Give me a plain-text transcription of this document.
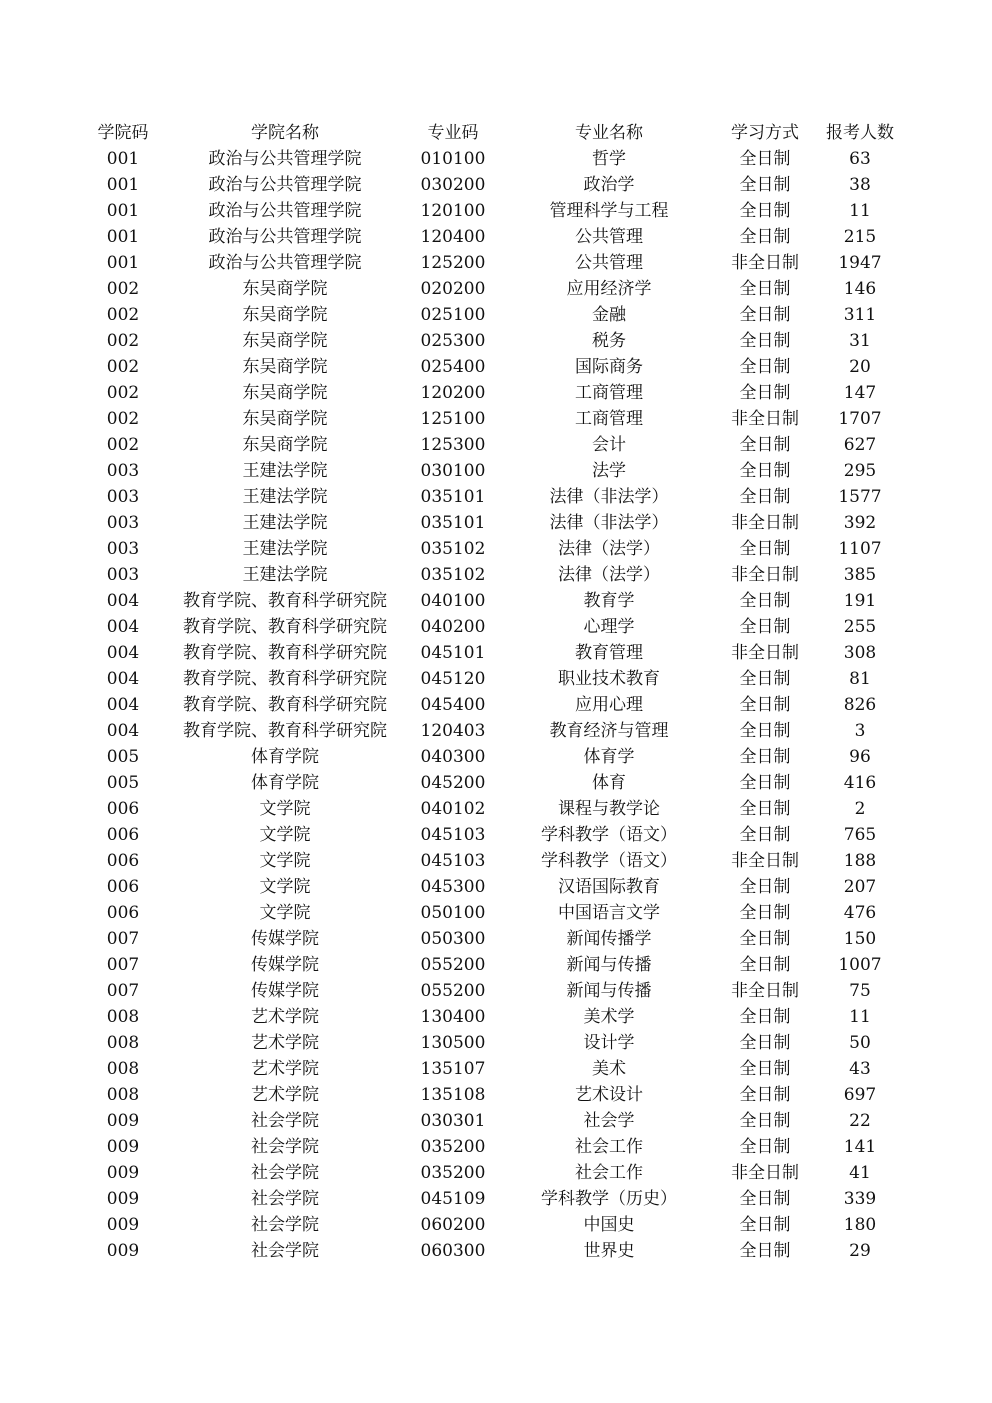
学院码	学院名称	专业码	专业名称	学习方式	报考人数
001	政治与公共管理学院	010100	哲学	全日制	63
001	政治与公共管理学院	030200	政治学	全日制	38
001	政治与公共管理学院	120100	管理科学与工程	全日制	11
001	政治与公共管理学院	120400	公共管理	全日制	215
001	政治与公共管理学院	125200	公共管理	非全日制	1947
002	东吴商学院	020200	应用经济学	全日制	146
002	东吴商学院	025100	金融	全日制	311
002	东吴商学院	025300	税务	全日制	31
002	东吴商学院	025400	国际商务	全日制	20
002	东吴商学院	120200	工商管理	全日制	147
002	东吴商学院	125100	工商管理	非全日制	1707
002	东吴商学院	125300	会计	全日制	627
003	王建法学院	030100	法学	全日制	295
003	王建法学院	035101	法律（非法学）	全日制	1577
003	王建法学院	035101	法律（非法学）	非全日制	392
003	王建法学院	035102	法律（法学）	全日制	1107
003	王建法学院	035102	法律（法学）	非全日制	385
004	教育学院、教育科学研究院	040100	教育学	全日制	191
004	教育学院、教育科学研究院	040200	心理学	全日制	255
004	教育学院、教育科学研究院	045101	教育管理	非全日制	308
004	教育学院、教育科学研究院	045120	职业技术教育	全日制	81
004	教育学院、教育科学研究院	045400	应用心理	全日制	826
004	教育学院、教育科学研究院	120403	教育经济与管理	全日制	3
005	体育学院	040300	体育学	全日制	96
005	体育学院	045200	体育	全日制	416
006	文学院	040102	课程与教学论	全日制	2
006	文学院	045103	学科教学（语文）	全日制	765
006	文学院	045103	学科教学（语文）	非全日制	188
006	文学院	045300	汉语国际教育	全日制	207
006	文学院	050100	中国语言文学	全日制	476
007	传媒学院	050300	新闻传播学	全日制	150
007	传媒学院	055200	新闻与传播	全日制	1007
007	传媒学院	055200	新闻与传播	非全日制	75
008	艺术学院	130400	美术学	全日制	11
008	艺术学院	130500	设计学	全日制	50
008	艺术学院	135107	美术	全日制	43
008	艺术学院	135108	艺术设计	全日制	697
009	社会学院	030301	社会学	全日制	22
009	社会学院	035200	社会工作	全日制	141
009	社会学院	035200	社会工作	非全日制	41
009	社会学院	045109	学科教学（历史）	全日制	339
009	社会学院	060200	中国史	全日制	180
009	社会学院	060300	世界史	全日制	29
